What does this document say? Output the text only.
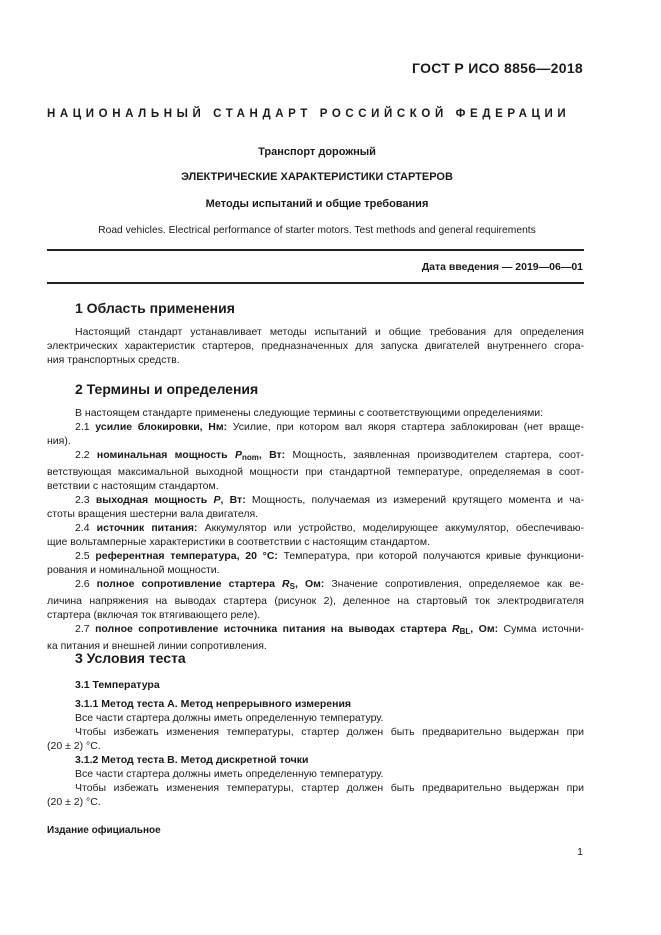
ГОСТ Р ИСО 8856—2018
НАЦИОНАЛЬНЫЙ СТАНДАРТ РОССИЙСКОЙ ФЕДЕРАЦИИ
Транспорт дорожный
ЭЛЕКТРИЧЕСКИЕ ХАРАКТЕРИСТИКИ СТАРТЕРОВ
Методы испытаний и общие требования
Road vehicles. Electrical performance of starter motors. Test methods and general requirements
Дата введения — 2019—06—01
1 Область применения
Настоящий стандарт устанавливает методы испытаний и общие требования для определения
электрических характеристик стартеров, предназначенных для запуска двигателей внутреннего сгора-
ния транспортных средств.
2 Термины и определения
В настоящем стандарте применены следующие термины с соответствующими определениями:
2.1 усилие блокировки, Нм: Усилие, при котором вал якоря стартера заблокирован (нет враще-
ния).
2.2 номинальная мощность $P_{nom}$, Вт: Мощность, заявленная производителем стартера, соот-
ветствующая максимальной выходной мощности при стандартной температуре, определяемая в соот-
ветствии с настоящим стандартом.
2.3 выходная мощность P, Вт: Мощность, получаемая из измерений крутящего момента и ча-
стоты вращения шестерни вала двигателя.
2.4 источник питания: Аккумулятор или устройство, моделирующее аккумулятор, обеспечиваю-
щие вольтамперные характеристики в соответствии с настоящим стандартом.
2.5 референтная температура, 20 °С: Температура, при которой получаются кривые функциони-
рования и номинальной мощности.
2.6 полное сопротивление стартера $R_S$, Ом: Значение сопротивления, определяемое как ве-
личина напряжения на выводах стартера (рисунок 2), деленное на стартовый ток электродвигателя
стартера (включая ток втягивающего реле).
2.7 полное сопротивление источника питания на выводах стартера $R_{BL}$, Ом: Сумма источни-
ка питания и внешней линии сопротивления.
3 Условия теста
3.1 Температура
3.1.1 Метод теста А. Метод непрерывного измерения
Все части стартера должны иметь определенную температуру.
Чтобы избежать изменения температуры, стартер должен быть предварительно выдержан при
(20 ± 2) °С.
3.1.2 Метод теста В. Метод дискретной точки
Все части стартера должны иметь определенную температуру.
Чтобы избежать изменения температуры, стартер должен быть предварительно выдержан при
(20 ± 2) °С.
Издание официальное
1
